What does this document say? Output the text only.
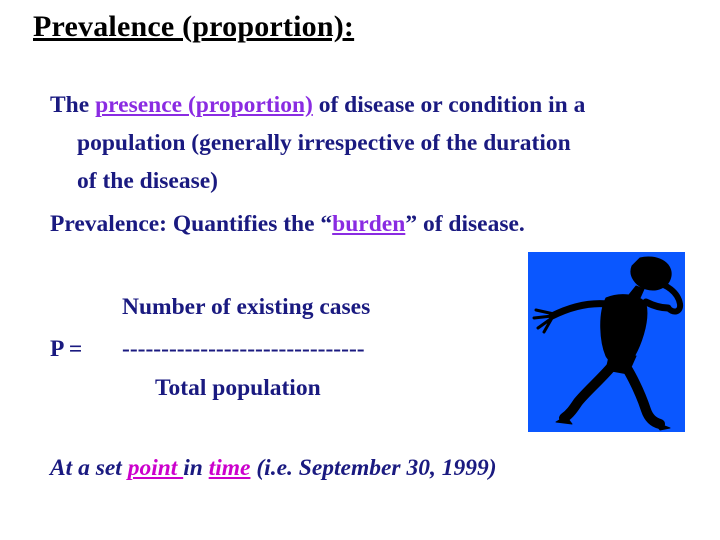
Prevalence (proportion):
The presence (proportion) of disease or condition in a
population (generally irrespective of the duration
of the disease)
Prevalence: Quantifies the “burden” of disease.
Number of existing cases
P = -------------------------------
Total population
At a set point in time (i.e. September 30, 1999)
